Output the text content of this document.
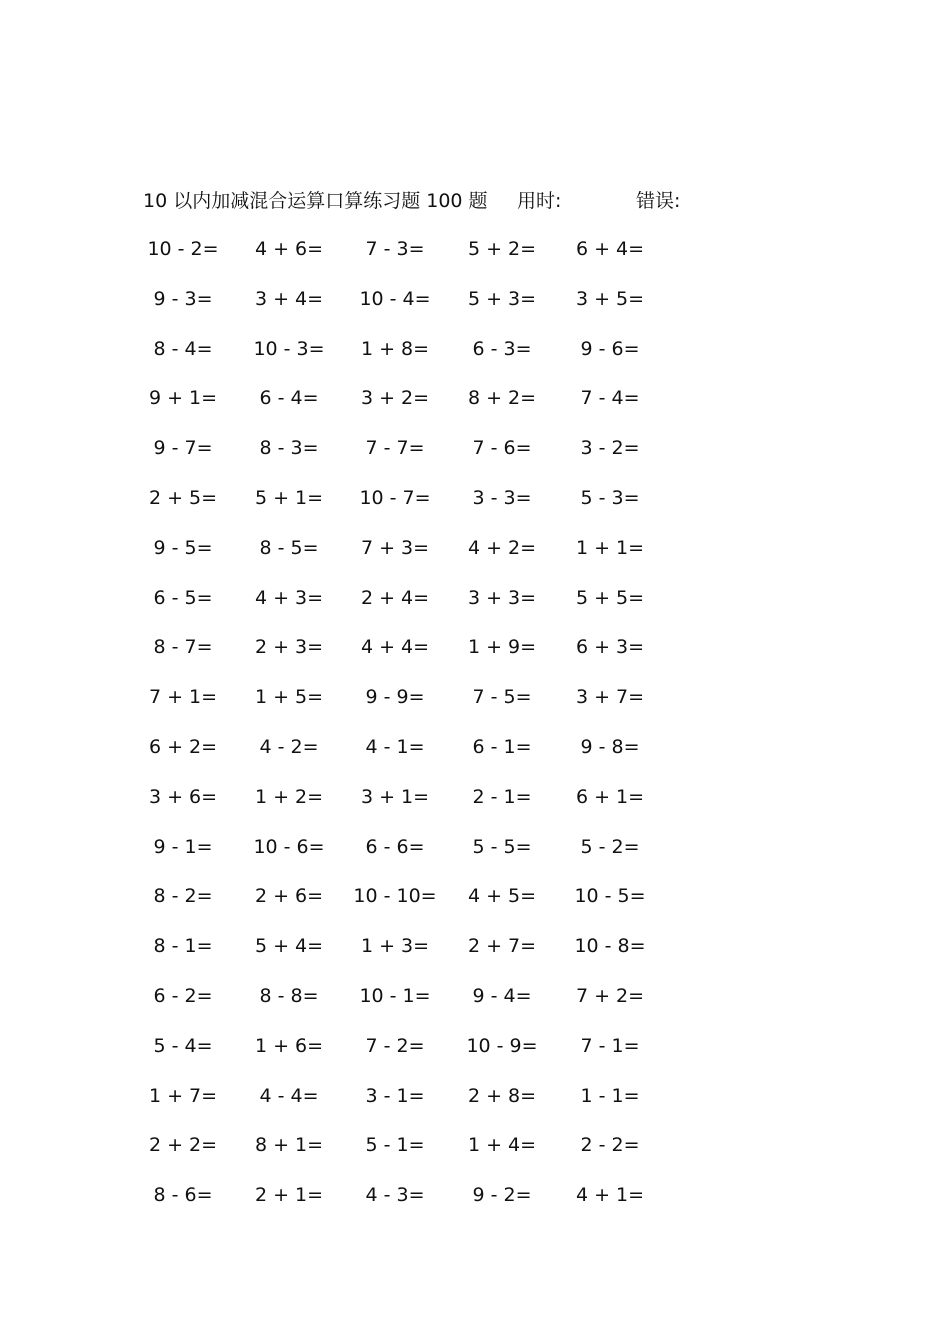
10 以内加减混合运算口算练习题 100 题 用时:	错误:
10 - 2= 4 + 6= 7 - 3= 5 + 2= 6 + 4=
9 - 3= 3 + 4= 10 - 4= 5 + 3= 3 + 5=
8 - 4= 10 - 3= 1 + 8= 6 - 3=	9 - 6=
9 + 1= 6 - 4= 3 + 2= 8 + 2= 7 - 4=
9 - 7= 8 - 3= 7 - 7=	7 - 6=	3 - 2=
2 + 5= 5 + 1= 10 - 7= 3 - 3=	5 - 3=
9 - 5= 8 - 5= 7 + 3= 4 + 2= 1 + 1=
6 - 5= 4 + 3= 2 + 4= 3 + 3= 5 + 5=
8 - 7= 2 + 3= 4 + 4= 1 + 9= 6 + 3=
7 + 1= 1 + 5= 9 - 9=	7 - 5= 3 + 7=
6 + 2= 4 - 2= 4 - 1=	6 - 1=	9 - 8=
3 + 6= 1 + 2= 3 + 1= 2 - 1= 6 + 1=
9 - 1= 10 - 6= 6 - 6=	5 - 5=	5 - 2=
8 - 2= 2 + 6= 10 - 10= 4 + 5= 10 - 5=
8 - 1= 5 + 4= 1 + 3= 2 + 7= 10 - 8=
6 - 2= 8 - 8= 10 - 1= 9 - 4= 7 + 2=
5 - 4= 1 + 6= 7 - 2= 10 - 9= 7 - 1=
1 + 7= 4 - 4= 3 - 1= 2 + 8= 1 - 1=
2 + 2= 8 + 1= 5 - 1= 1 + 4= 2 - 2=
8 - 6= 2 + 1= 4 - 3=	9 - 2= 4 + 1=
